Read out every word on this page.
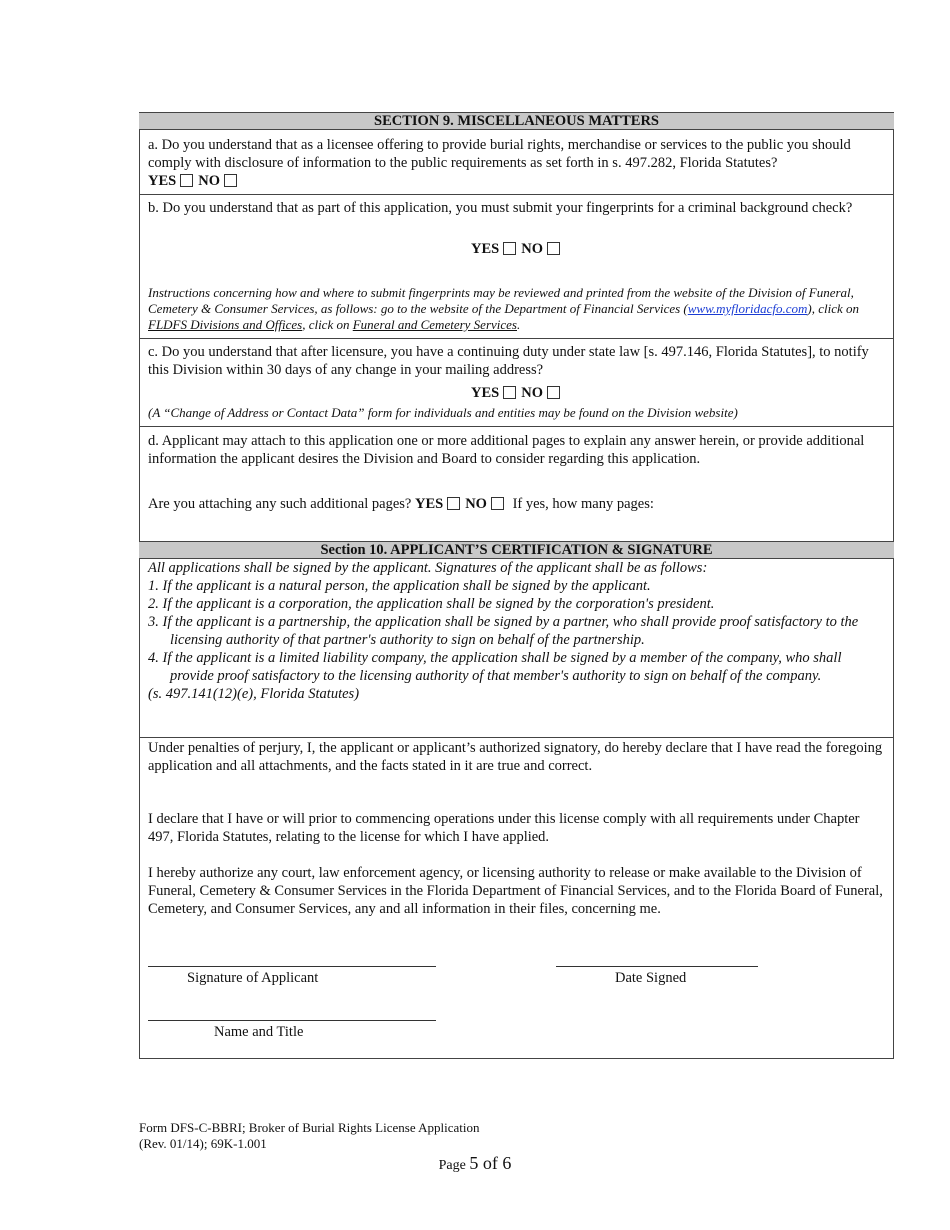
SECTION 9. MISCELLANEOUS MATTERS
a. Do you understand that as a licensee offering to provide burial rights, merchandise or services to the public you should comply with disclosure of information to the public requirements as set forth in s. 497.282, Florida Statutes?
YES NO
b. Do you understand that as part of this application, you must submit your fingerprints for a criminal background check?
YES NO
Instructions concerning how and where to submit fingerprints may be reviewed and printed from the website of the Division of Funeral, Cemetery & Consumer Services, as follows: go to the website of the Department of Financial Services (www.myfloridacfo.com), click on FLDFS Divisions and Offices, click on Funeral and Cemetery Services.
c. Do you understand that after licensure, you have a continuing duty under state law [s. 497.146, Florida Statutes], to notify this Division within 30 days of any change in your mailing address?
YES NO
(A “Change of Address or Contact Data” form for individuals and entities may be found on the Division website)
d. Applicant may attach to this application one or more additional pages to explain any answer herein, or provide additional information the applicant desires the Division and Board to consider regarding this application.
Are you attaching any such additional pages? YES NO If yes, how many pages:
Section 10. APPLICANT’S CERTIFICATION & SIGNATURE
All applications shall be signed by the applicant. Signatures of the applicant shall be as follows:
1. If the applicant is a natural person, the application shall be signed by the applicant.
2. If the applicant is a corporation, the application shall be signed by the corporation's president.
3. If the applicant is a partnership, the application shall be signed by a partner, who shall provide proof satisfactory to the licensing authority of that partner's authority to sign on behalf of the partnership.
4. If the applicant is a limited liability company, the application shall be signed by a member of the company, who shall provide proof satisfactory to the licensing authority of that member's authority to sign on behalf of the company.
(s. 497.141(12)(e), Florida Statutes)
Under penalties of perjury, I, the applicant or applicant’s authorized signatory, do hereby declare that I have read the foregoing application and all attachments, and the facts stated in it are true and correct.
I declare that I have or will prior to commencing operations under this license comply with all requirements under Chapter 497, Florida Statutes, relating to the license for which I have applied.
I hereby authorize any court, law enforcement agency, or licensing authority to release or make available to the Division of Funeral, Cemetery & Consumer Services in the Florida Department of Financial Services, and to the Florida Board of Funeral, Cemetery, and Consumer Services, any and all information in their files, concerning me.
Signature of Applicant	Date Signed
Name and Title
Form DFS-C-BBRI; Broker of Burial Rights License Application
(Rev. 01/14); 69K-1.001
Page 5 of 6
